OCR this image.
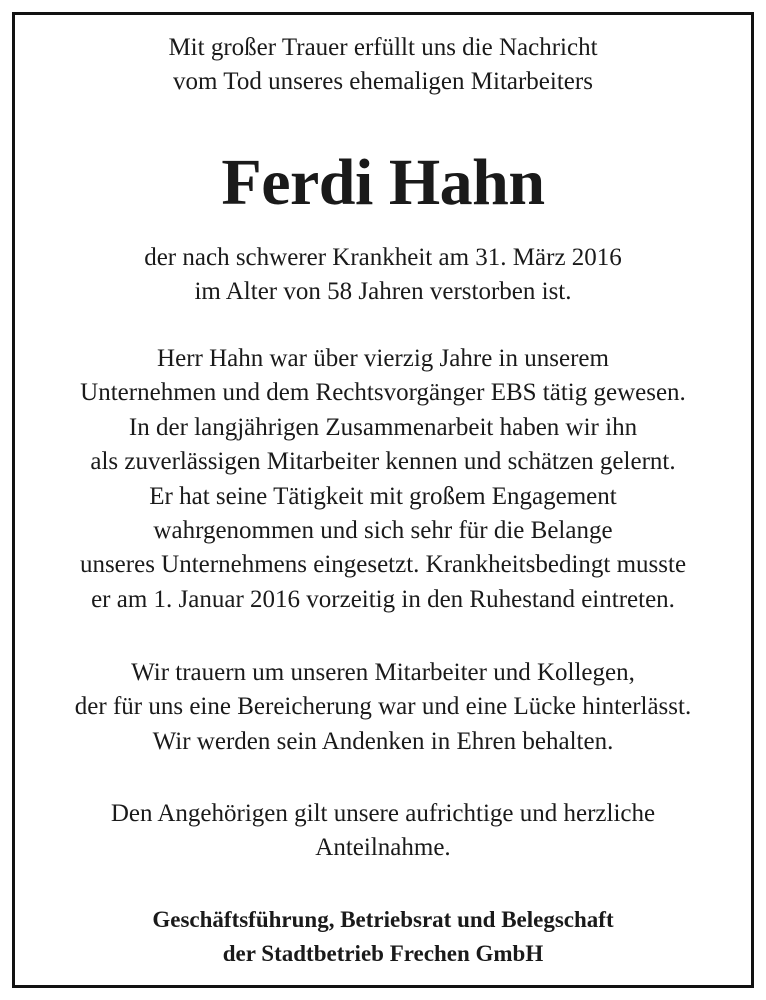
Mit großer Trauer erfüllt uns die Nachricht
vom Tod unseres ehemaligen Mitarbeiters
Ferdi Hahn
der nach schwerer Krankheit am 31. März 2016
im Alter von 58 Jahren verstorben ist.
Herr Hahn war über vierzig Jahre in unserem
Unternehmen und dem Rechtsvorgänger EBS tätig gewesen.
In der langjährigen Zusammenarbeit haben wir ihn
als zuverlässigen Mitarbeiter kennen und schätzen gelernt.
Er hat seine Tätigkeit mit großem Engagement
wahrgenommen und sich sehr für die Belange
unseres Unternehmens eingesetzt. Krankheitsbedingt musste
er am 1. Januar 2016 vorzeitig in den Ruhestand eintreten.
Wir trauern um unseren Mitarbeiter und Kollegen,
der für uns eine Bereicherung war und eine Lücke hinterlässt.
Wir werden sein Andenken in Ehren behalten.
Den Angehörigen gilt unsere aufrichtige und herzliche
Anteilnahme.
Geschäftsführung, Betriebsrat und Belegschaft
der Stadtbetrieb Frechen GmbH
